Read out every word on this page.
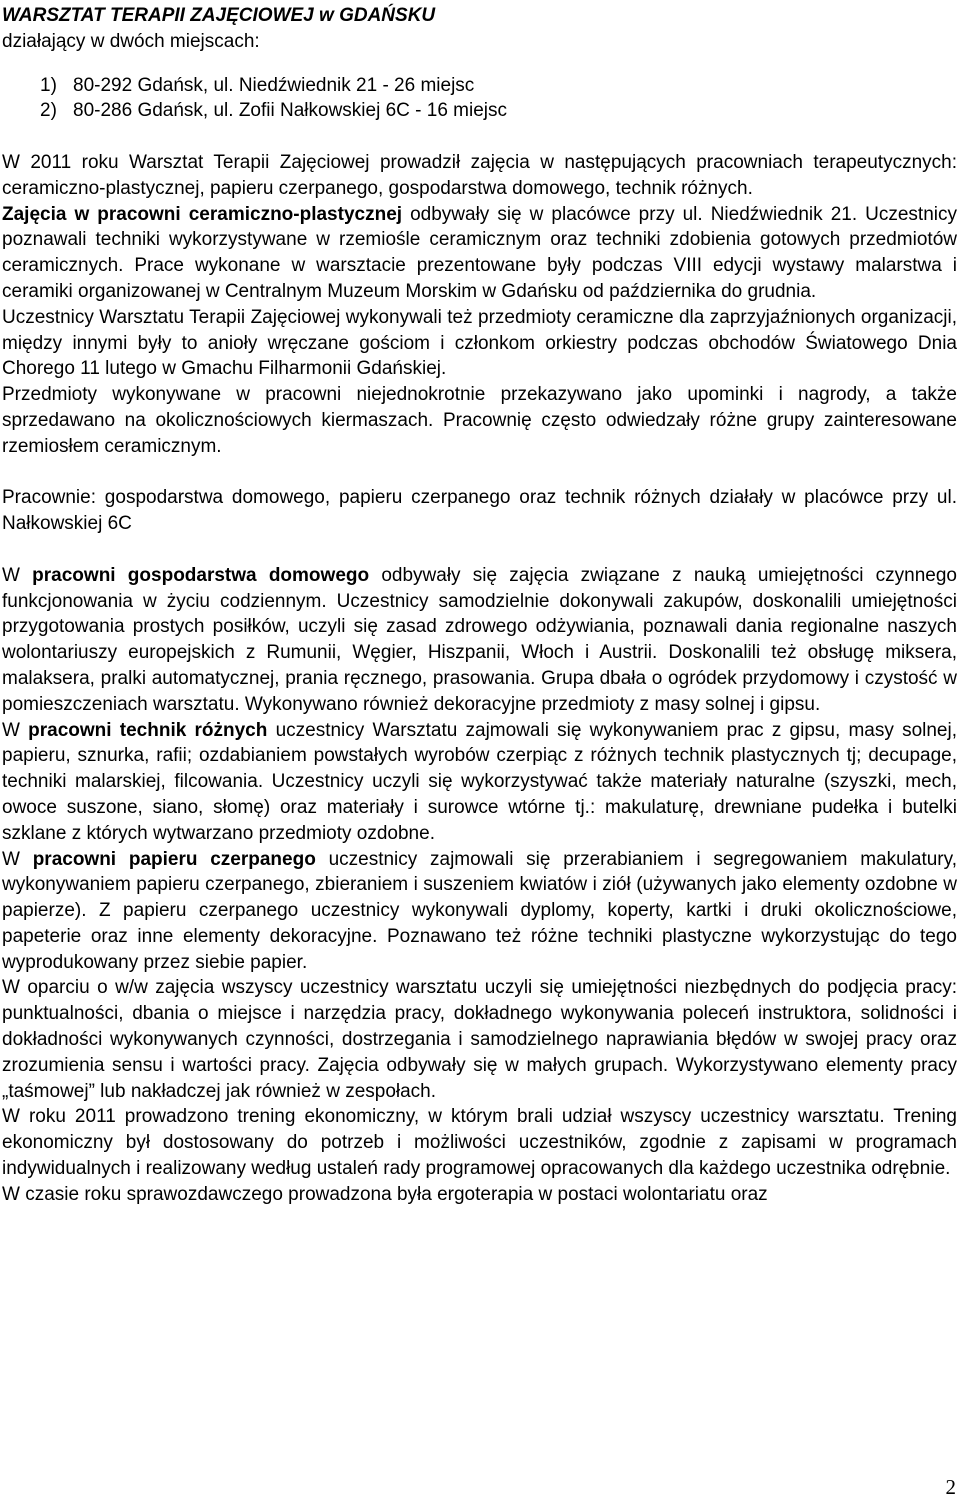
WARSZTAT TERAPII ZAJĘCIOWEJ w GDAŃSKU

działający w dwóch miejscach:

1) 80-292 Gdańsk, ul. Niedźwiednik 21 - 26 miejsc
2) 80-286 Gdańsk, ul. Zofii Nałkowskiej 6C - 16 miejsc

W 2011 roku Warsztat Terapii Zajęciowej prowadził zajęcia w następujących pracowniach terapeutycznych: ceramiczno-plastycznej, papieru czerpanego, gospodarstwa domowego, technik różnych.

Zajęcia w pracowni ceramiczno-plastycznej odbywały się w placówce przy ul. Niedźwiednik 21. Uczestnicy poznawali techniki wykorzystywane w rzemiośle ceramicznym oraz techniki zdobienia gotowych przedmiotów ceramicznych. Prace wykonane w warsztacie prezentowane były podczas VIII edycji wystawy malarstwa i ceramiki organizowanej w Centralnym Muzeum Morskim w Gdańsku od października do grudnia.

Uczestnicy Warsztatu Terapii Zajęciowej wykonywali też przedmioty ceramiczne dla zaprzyjaźnionych organizacji, między innymi były to anioły wręczane gościom i członkom orkiestry podczas obchodów Światowego Dnia Chorego 11 lutego w Gmachu Filharmonii Gdańskiej.

Przedmioty wykonywane w pracowni niejednokrotnie przekazywano jako upominki i nagrody, a także sprzedawano na okolicznościowych kiermaszach. Pracownię często odwiedzały różne grupy zainteresowane rzemiosłem ceramicznym.

Pracownie: gospodarstwa domowego, papieru czerpanego oraz technik różnych działały w placówce przy ul. Nałkowskiej 6C

W pracowni gospodarstwa domowego odbywały się zajęcia związane z nauką umiejętności czynnego funkcjonowania w życiu codziennym. Uczestnicy samodzielnie dokonywali zakupów, doskonalili umiejętności przygotowania prostych posiłków, uczyli się zasad zdrowego odżywiania, poznawali dania regionalne naszych wolontariuszy europejskich z Rumunii, Węgier, Hiszpanii, Włoch i Austrii. Doskonalili też obsługę miksera, malaksera, pralki automatycznej, prania ręcznego, prasowania. Grupa dbała o ogródek przydomowy i czystość w pomieszczeniach warsztatu. Wykonywano również dekoracyjne przedmioty z masy solnej i gipsu.

W pracowni technik różnych uczestnicy Warsztatu zajmowali się wykonywaniem prac z gipsu, masy solnej, papieru, sznurka, rafii; ozdabianiem powstałych wyrobów czerpiąc z różnych technik plastycznych tj; decupage, techniki malarskiej, filcowania. Uczestnicy uczyli się wykorzystywać także materiały naturalne (szyszki, mech, owoce suszone, siano, słomę) oraz materiały i surowce wtórne tj.: makulaturę, drewniane pudełka i butelki szklane z których wytwarzano przedmioty ozdobne.

W pracowni papieru czerpanego uczestnicy zajmowali się przerabianiem i segregowaniem makulatury, wykonywaniem papieru czerpanego, zbieraniem i suszeniem kwiatów i ziół (używanych jako elementy ozdobne w papierze). Z papieru czerpanego uczestnicy wykonywali dyplomy, koperty, kartki i druki okolicznościowe, papeterie oraz inne elementy dekoracyjne. Poznawano też różne techniki plastyczne wykorzystując do tego wyprodukowany przez siebie papier.

W oparciu o w/w zajęcia wszyscy uczestnicy warsztatu uczyli się umiejętności niezbędnych do podjęcia pracy: punktualności, dbania o miejsce i narzędzia pracy, dokładnego wykonywania poleceń instruktora, solidności i dokładności wykonywanych czynności, dostrzegania i samodzielnego naprawiania błędów w swojej pracy oraz zrozumienia sensu i wartości pracy. Zajęcia odbywały się w małych grupach. Wykorzystywano elementy pracy „taśmowej” lub nakładczej jak również w zespołach.

W roku 2011 prowadzono trening ekonomiczny, w którym brali udział wszyscy uczestnicy warsztatu. Trening ekonomiczny był dostosowany do potrzeb i możliwości uczestników, zgodnie z zapisami w programach indywidualnych i realizowany według ustaleń rady programowej opracowanych dla każdego uczestnika odrębnie.

W czasie roku sprawozdawczego prowadzona była ergoterapia w postaci wolontariatu oraz

2
